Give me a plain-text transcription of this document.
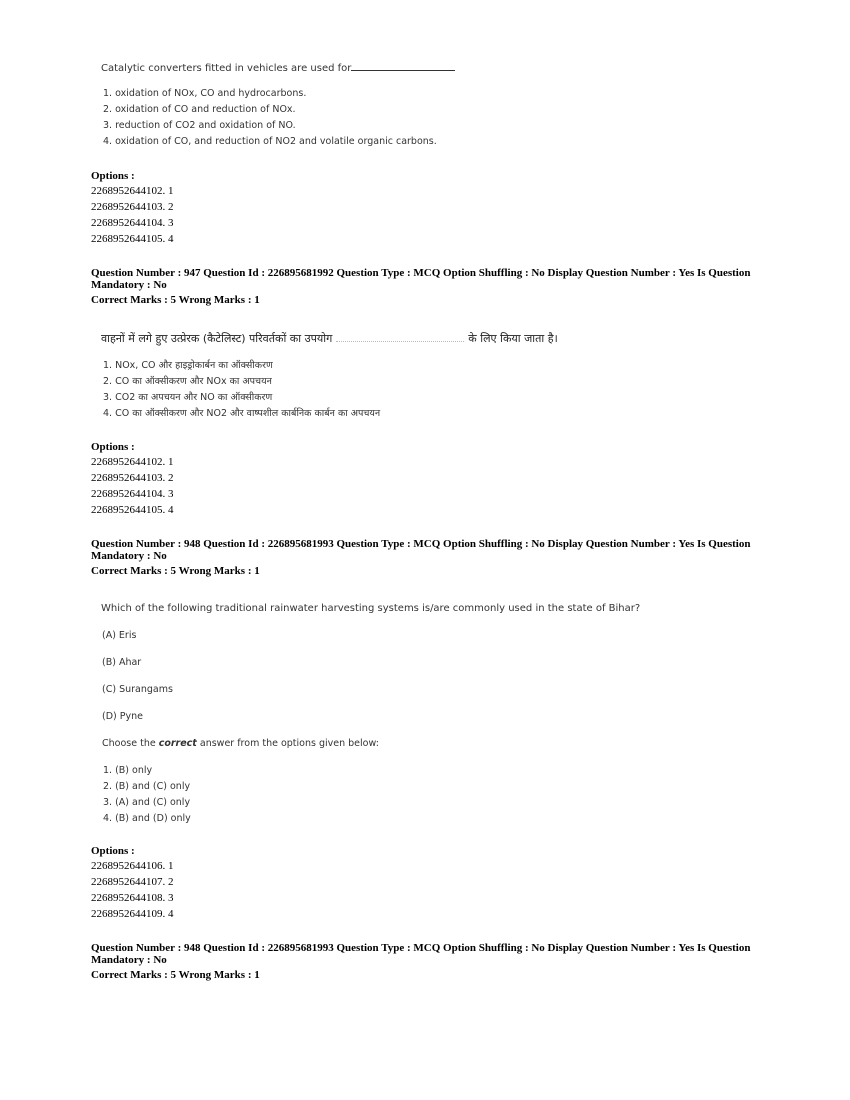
Catalytic converters fitted in vehicles are used for
1. oxidation of NOx, CO and hydrocarbons.
2. oxidation of CO and reduction of NOx.
3. reduction of CO2 and oxidation of NO.
4. oxidation of CO, and reduction of NO2 and volatile organic carbons.
Options :
2268952644102. 1
2268952644103. 2
2268952644104. 3
2268952644105. 4
Question Number : 947 Question Id : 226895681992 Question Type : MCQ Option Shuffling : No Display Question Number : Yes Is Question
Mandatory : No
Correct Marks : 5 Wrong Marks : 1
वाहनों में लगे हुए उत्प्रेरक (कैटेलिस्ट) परिवर्तकों का उपयोग	के लिए किया जाता है।
1. NOx, CO और हाइड्रोकार्बन का ऑक्सीकरण
2. CO का ऑक्सीकरण और NOx का अपचयन
3. CO2 का अपचयन और NO का ऑक्सीकरण
4. CO का ऑक्सीकरण और NO2 और वाष्पशील कार्बनिक कार्बन का अपचयन
Options :
2268952644102. 1
2268952644103. 2
2268952644104. 3
2268952644105. 4
Question Number : 948 Question Id : 226895681993 Question Type : MCQ Option Shuffling : No Display Question Number : Yes Is Question
Mandatory : No
Correct Marks : 5 Wrong Marks : 1
Which of the following traditional rainwater harvesting systems is/are commonly used in the state of Bihar?
(A) Eris
(B) Ahar
(C) Surangams
(D) Pyne
Choose the correct answer from the options given below:
1. (B) only
2. (B) and (C) only
3. (A) and (C) only
4. (B) and (D) only
Options :
2268952644106. 1
2268952644107. 2
2268952644108. 3
2268952644109. 4
Question Number : 948 Question Id : 226895681993 Question Type : MCQ Option Shuffling : No Display Question Number : Yes Is Question
Mandatory : No
Correct Marks : 5 Wrong Marks : 1
